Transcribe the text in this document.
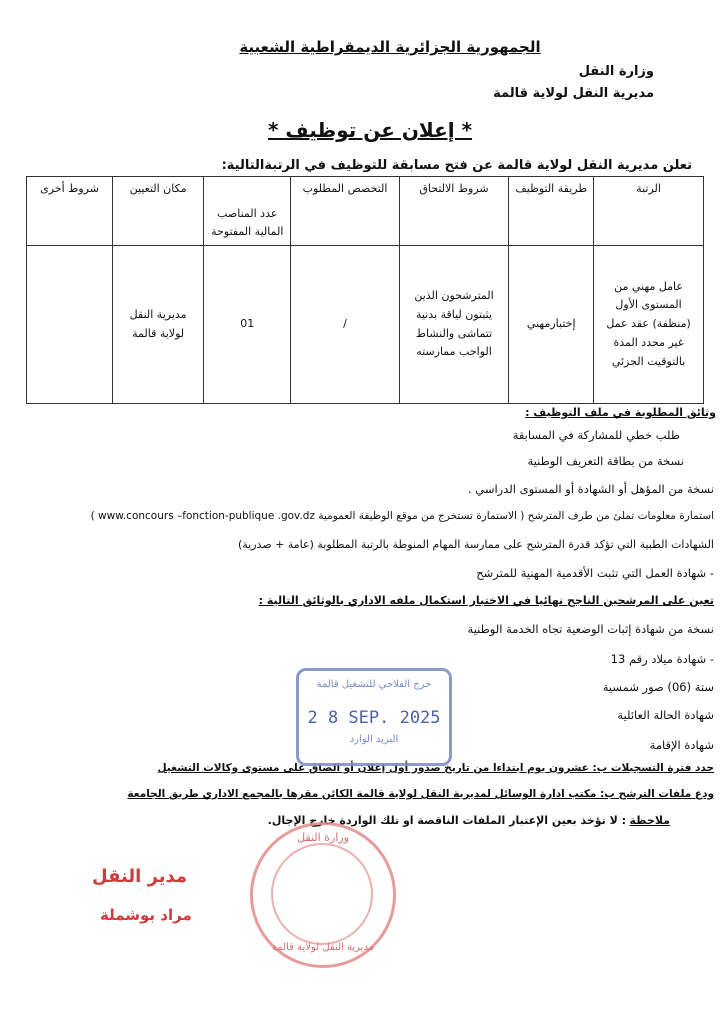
الجمهورية الجزائرية الديمقراطية الشعبية
وزارة النقل
مديرية النقل لولاية قالمة
* إعلان عن توظيف *
تعلن مديرية النقل لولاية قالمة عن فتح مسابقة للتوظيف في الرتبةالتالية:
الرتبة	طريقة التوظيف	شروط الالتحاق	التخصص المطلوب	عدد المناصب المالية المفتوحة	مكان التعيين	شروط أخرى
عامل مهني من المستوى الأول (منظفة) عقد عمل غير محدد المدة بالتوقيت الجزئي	إختبارمهني	المترشحون الذين يثبتون لياقة بدنية تتماشى والنشاط الواجب ممارسته	/	01	مديرية النقل لولاية قالمة	
وثائق المطلوبة في ملف التوظيف :
طلب خطي للمشاركة في المسابقة
نسخة من بطاقة التعريف الوطنية
نسخة من المؤهل أو الشهادة أو المستوى الدراسي .
استمارة معلومات تملئ من طرف المترشح ( الاستمارة تستخرج من موقع الوظيفة العمومية www.concours –fonction-publique .gov.dz )
الشهادات الطبية التي تؤكد قدرة المترشح على ممارسة المهام المنوطة بالرتبة المطلوبة (عامة + صدرية)
- شهادة العمل التي تثبت الأقدمية المهنية للمترشح
تعين على المرشحين الناجح نهائيا في الاختبار استكمال ملفه الاداري بالوثائق التالية :
نسخة من شهادة إثبات الوضعية تجاه الخدمة الوطنية
- شهادة ميلاد رقم 13
ستة (06) صور شمسية
شهادة الحالة العائلية
شهادة الإقامة
حدد فترة التسجيلات ب: عشرون يوم ابتداءا من تاريخ صدور أول إعلان أو الصاق على مستوى وكالات التشغيل
ودع ملفات الترشح ب: مكتب ادارة الوسائل لمديرية النقل لولاية قالمة الكائن مقرها بالمجمع الاداري طريق الجامعة
ملاحظة : لا تؤخذ بعين الإعتبار الملفات الناقصة او تلك الواردة خارج الإجال.
خرج الفلاحي للتشغيل قالمة
2 8 SEP. 2025
البريد الوارد
وزارة النقل
مديرية النقل لولاية قالمة
مدير النقل
مراد بوشملة
